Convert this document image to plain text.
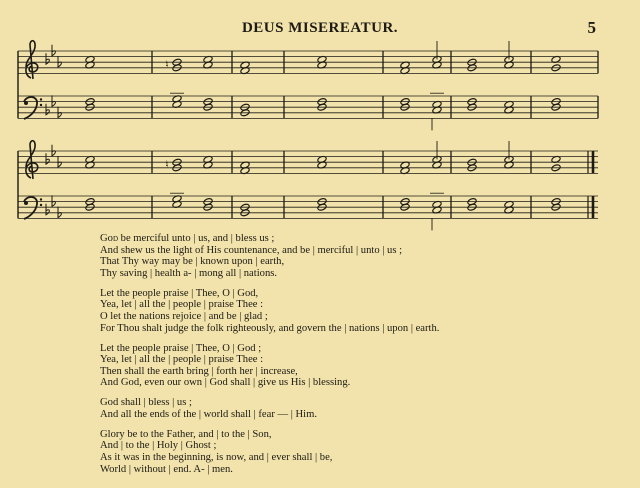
DEUS MISEREATUR.	5
♮
♮
God be merciful unto | us, and | bless us ;
And shew us the light of His countenance, and be | merciful | unto | us ;
That Thy way may be | known upon | earth,
Thy saving | health a- | mong all | nations.
Let the people praise | Thee, O | God,
Yea, let | all the | people | praise Thee :
O let the nations rejoice | and be | glad ;
For Thou shalt judge the folk righteously, and govern the | nations | upon | earth.
Let the people praise | Thee, O | God ;
Yea, let | all the | people | praise Thee :
Then shall the earth bring | forth her | increase,
And God, even our own | God shall | give us His | blessing.
God shall | bless | us ;
And all the ends of the | world shall | fear — | Him.
Glory be to the Father, and | to the | Son,
And | to the | Holy | Ghost ;
As it was in the beginning, is now, and | ever shall | be,
World | without | end. A- | men.
